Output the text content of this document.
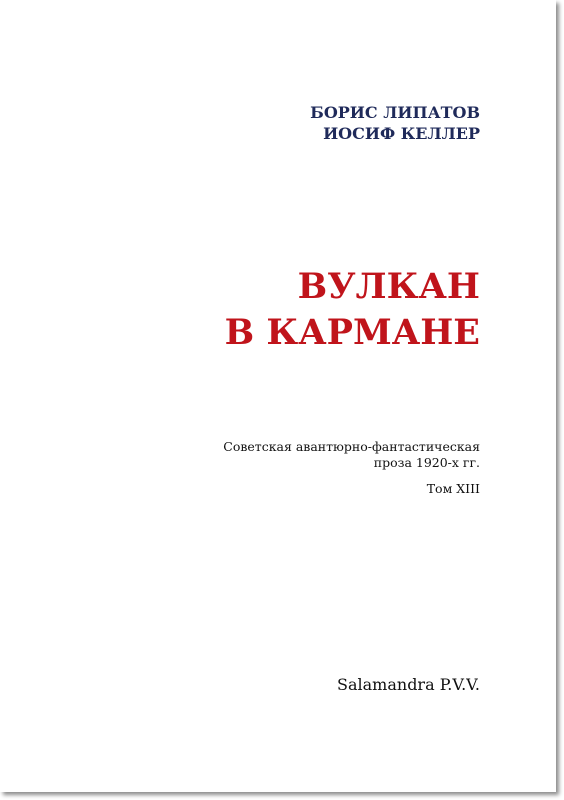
БОРИС ЛИПАТОВ
ИОСИФ КЕЛЛЕР
ВУЛКАН
В КАРМАНЕ
Советская авантюрно-фантастическая
проза 1920-х гг.
Том XIII
Salamandra P.V.V.
